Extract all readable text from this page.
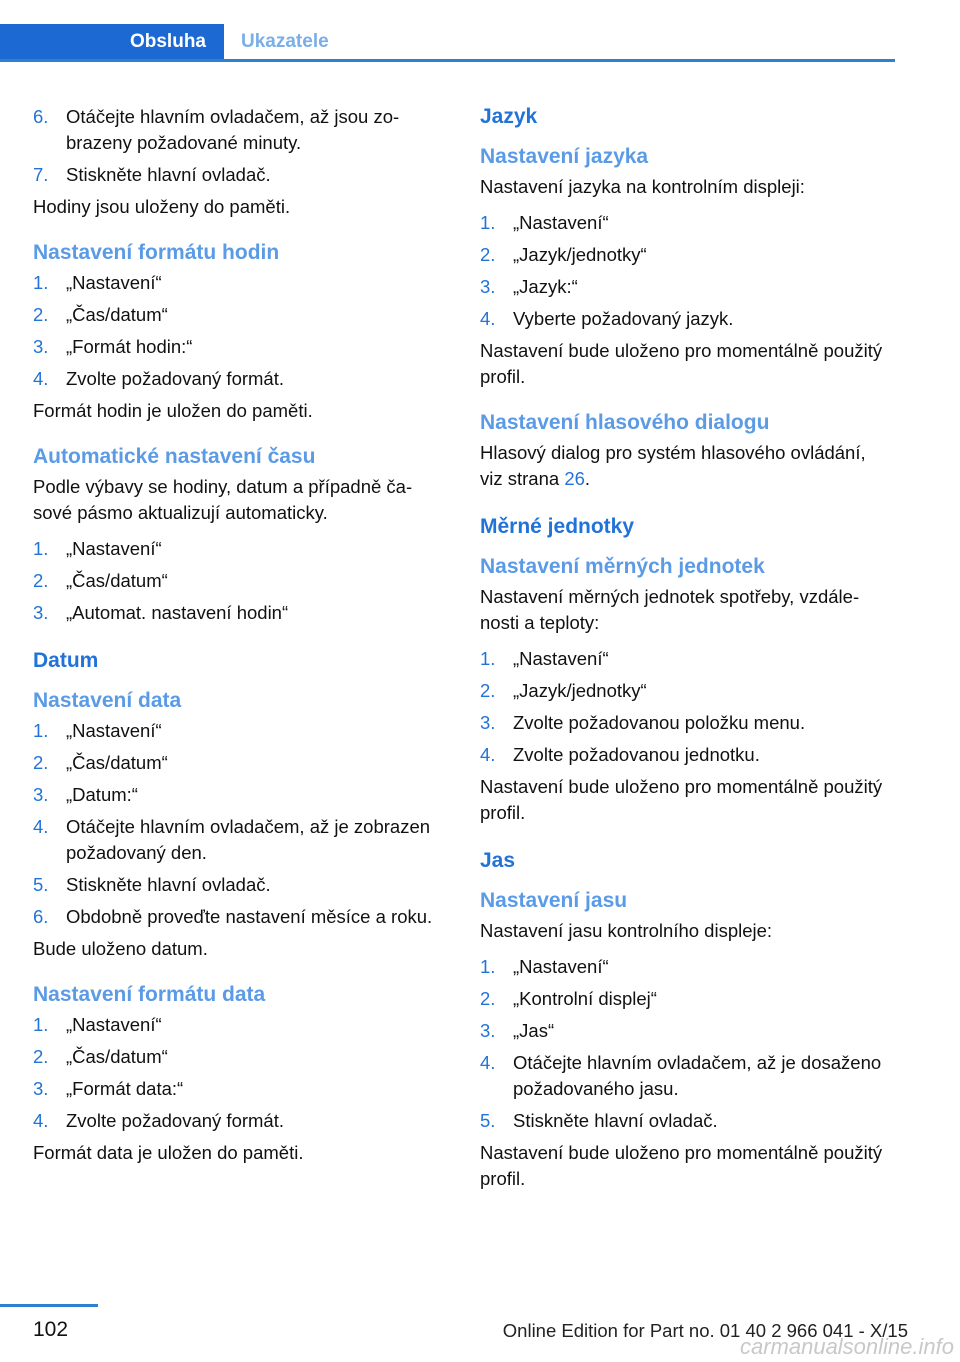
Obsluha	Ukazatele
6. Otáčejte hlavním ovladačem, až jsou zobrazeny požadované minuty.
7. Stiskněte hlavní ovladač.
Hodiny jsou uloženy do paměti.
Nastavení formátu hodin
1. „Nastavení“
2. „Čas/datum“
3. „Formát hodin:“
4. Zvolte požadovaný formát.
Formát hodin je uložen do paměti.
Automatické nastavení času
Podle výbavy se hodiny, datum a případně časové pásmo aktualizují automaticky.
1. „Nastavení“
2. „Čas/datum“
3. „Automat. nastavení hodin“
Datum
Nastavení data
1. „Nastavení“
2. „Čas/datum“
3. „Datum:“
4. Otáčejte hlavním ovladačem, až je zobrazen požadovaný den.
5. Stiskněte hlavní ovladač.
6. Obdobně proveďte nastavení měsíce a roku.
Bude uloženo datum.
Nastavení formátu data
1. „Nastavení“
2. „Čas/datum“
3. „Formát data:“
4. Zvolte požadovaný formát.
Formát data je uložen do paměti.
Jazyk
Nastavení jazyka
Nastavení jazyka na kontrolním displeji:
1. „Nastavení“
2. „Jazyk/jednotky“
3. „Jazyk:“
4. Vyberte požadovaný jazyk.
Nastavení bude uloženo pro momentálně použitý profil.
Nastavení hlasového dialogu
Hlasový dialog pro systém hlasového ovládání, viz strana 26.
Měrné jednotky
Nastavení měrných jednotek
Nastavení měrných jednotek spotřeby, vzdálenosti a teploty:
1. „Nastavení“
2. „Jazyk/jednotky“
3. Zvolte požadovanou položku menu.
4. Zvolte požadovanou jednotku.
Nastavení bude uloženo pro momentálně použitý profil.
Jas
Nastavení jasu
Nastavení jasu kontrolního displeje:
1. „Nastavení“
2. „Kontrolní displej“
3. „Jas“
4. Otáčejte hlavním ovladačem, až je dosaženo požadovaného jasu.
5. Stiskněte hlavní ovladač.
Nastavení bude uloženo pro momentálně použitý profil.
102	Online Edition for Part no. 01 40 2 966 041 - X/15
carmanualsonline.info
